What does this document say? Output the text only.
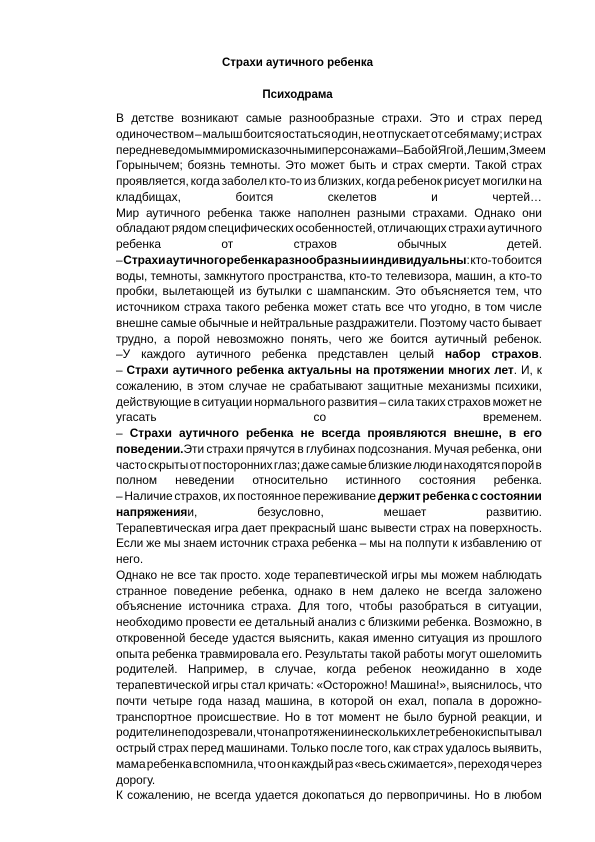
Страхи аутичного ребенка
Психодрама
В детстве возникают самые разнообразные страхи. Это и страх перед
одиночеством – малыш боится остаться один, не отпускает от себя маму; и страх
перед неведомым миром и сказочными персонажами – Бабой Ягой, Лешим, Змеем
Горынычем; боязнь темноты. Это может быть и страх смерти. Такой страх
проявляется, когда заболел кто-то из близких, когда ребенок рисует могилки на
кладбищах,	боится	скелетов	и	чертей…
Мир аутичного ребенка также наполнен разными страхами. Однако они
обладают рядом специфических особенностей, отличающих страхи аутичного
ребенка	от	страхов	обычных	детей.
– Страхи аутичного ребенка разнообразны и индивидуальны: кто-то боится
воды, темноты, замкнутого пространства, кто-то телевизора, машин, а кто-то
пробки, вылетающей из бутылки с шампанским. Это объясняется тем, что
источником страха такого ребенка может стать все что угодно, в том числе
внешне самые обычные и нейтральные раздражители. Поэтому часто бывает
трудно, а порой невозможно понять, чего же боится аутичный ребенок.
–У каждого аутичного ребенка представлен целый набор страхов.
– Страхи аутичного ребенка актуальны на протяжении многих лет. И, к
сожалению, в этом случае не срабатывают защитные механизмы психики,
действующие в ситуации нормального развития – сила таких страхов может не
угасать	со	временем.
– Страхи аутичного ребенка не всегда проявляются внешне, в его
поведении.Эти страхи прячутся в глубинах подсознания. Мучая ребенка, они
часто скрыты от посторонних глаз; даже самые близкие люди находятся порой в
полном неведении относительно истинного состояния ребенка.
– Наличие страхов, их постоянное переживание держит ребенка с состоянии
напряженияи,	безусловно,	мешает	развитию.
Терапевтическая игра дает прекрасный шанс вывести страх на поверхность.
Если же мы знаем источник страха ребенка – мы на полпути к избавлению от
него.
Однако не все так просто. ходе терапевтической игры мы можем наблюдать
странное поведение ребенка, однако в нем далеко не всегда заложено
объяснение источника страха. Для того, чтобы разобраться в ситуации,
необходимо провести ее детальный анализ с близкими ребенка. Возможно, в
откровенной беседе удастся выяснить, какая именно ситуация из прошлого
опыта ребенка травмировала его. Результаты такой работы могут ошеломить
родителей. Например, в случае, когда ребенок неожиданно в ходе
терапевтической игры стал кричать: «Осторожно! Машина!», выяснилось, что
почти четыре года назад машина, в которой он ехал, попала в дорожно-
транспортное происшествие. Но в тот момент не было бурной реакции, и
родители не подозревали, что на протяжении нескольких лет ребенок испытывал
острый страх перед машинами. Только после того, как страх удалось выявить,
мама ребенка вспомнила, что он каждый раз «весь сжимается», переходя через
дорогу.
К сожалению, не всегда удается докопаться до первопричины. Но в любом
